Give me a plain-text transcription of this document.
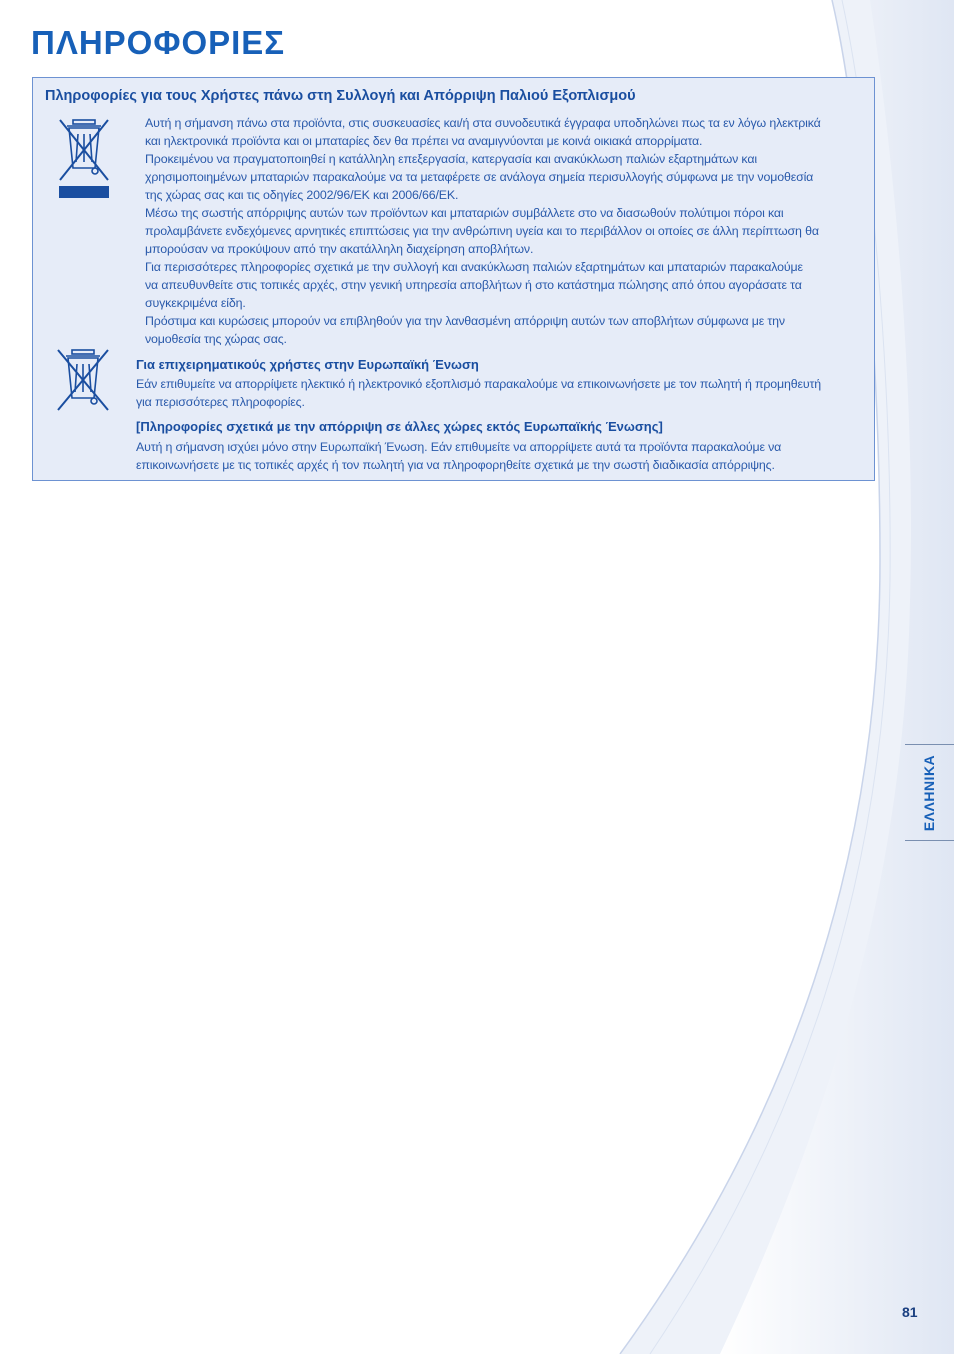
ΠΛΗΡΟΦΟΡΙΕΣ
Πληροφορίες για τους Χρήστες πάνω στη Συλλογή και Απόρριψη Παλιού Εξοπλισμού

Αυτή η σήμανση πάνω στα προϊόντα, στις συσκευασίες και/ή στα συνοδευτικά έγγραφα υποδηλώνει πως τα εν λόγω ηλεκτρικά

και ηλεκτρονικά προϊόντα και οι μπαταρίες δεν θα πρέπει να αναμιγνύονται με κοινά οικιακά απορρίματα.

Προκειμένου να πραγματοποιηθεί η κατάλληλη επεξεργασία, κατεργασία και ανακύκλωση παλιών εξαρτημάτων και

χρησιμοποιημένων μπαταριών παρακαλούμε να τα μεταφέρετε σε ανάλογα σημεία περισυλλογής σύμφωνα με την νομοθεσία

της χώρας σας και τις οδηγίες 2002/96/ΕΚ και 2006/66/ΕΚ.

Μέσω της σωστής απόρριψης αυτών των προϊόντων και μπαταριών συμβάλλετε στο να διασωθούν πολύτιμοι πόροι και

προλαμβάνετε ενδεχόμενες αρνητικές επιπτώσεις για την ανθρώπινη υγεία και το περιβάλλον οι οποίες σε άλλη περίπτωση θα

μπορούσαν να προκύψουν από την ακατάλληλη διαχείρηση αποβλήτων.

Για περισσότερες πληροφορίες σχετικά με την συλλογή και ανακύκλωση παλιών εξαρτημάτων και μπαταριών παρακαλούμε

να απευθυνθείτε στις τοπικές αρχές, στην γενική υπηρεσία αποβλήτων ή στο κατάστημα πώλησης από όπου αγοράσατε τα

συγκεκριμένα είδη.

Πρόστιμα και κυρώσεις μπορούν να επιβληθούν για την λανθασμένη απόρριψη αυτών των αποβλήτων σύμφωνα με την

νομοθεσία της χώρας σας.

Για επιχειρηματικούς χρήστες στην Ευρωπαϊκή Ένωση

Εάν επιθυμείτε να απορρίψετε ηλεκτικό ή ηλεκτρονικό εξοπλισμό παρακαλούμε να επικοινωνήσετε με τον πωλητή ή προμηθευτή

για περισσότερες πληροφορίες.

[Πληροφορίες σχετικά με την απόρριψη σε άλλες χώρες εκτός Ευρωπαϊκής Ένωσης]

Αυτή η σήμανση ισχύει μόνο στην Ευρωπαϊκή Ένωση. Εάν επιθυμείτε να απορρίψετε αυτά τα προϊόντα παρακαλούμε να

επικοινωνήσετε με τις τοπικές αρχές ή τον πωλητή για να πληροφορηθείτε σχετικά με την σωστή διαδικασία απόρριψης.

ΕΛΛΗΝΙΚΑ
81
